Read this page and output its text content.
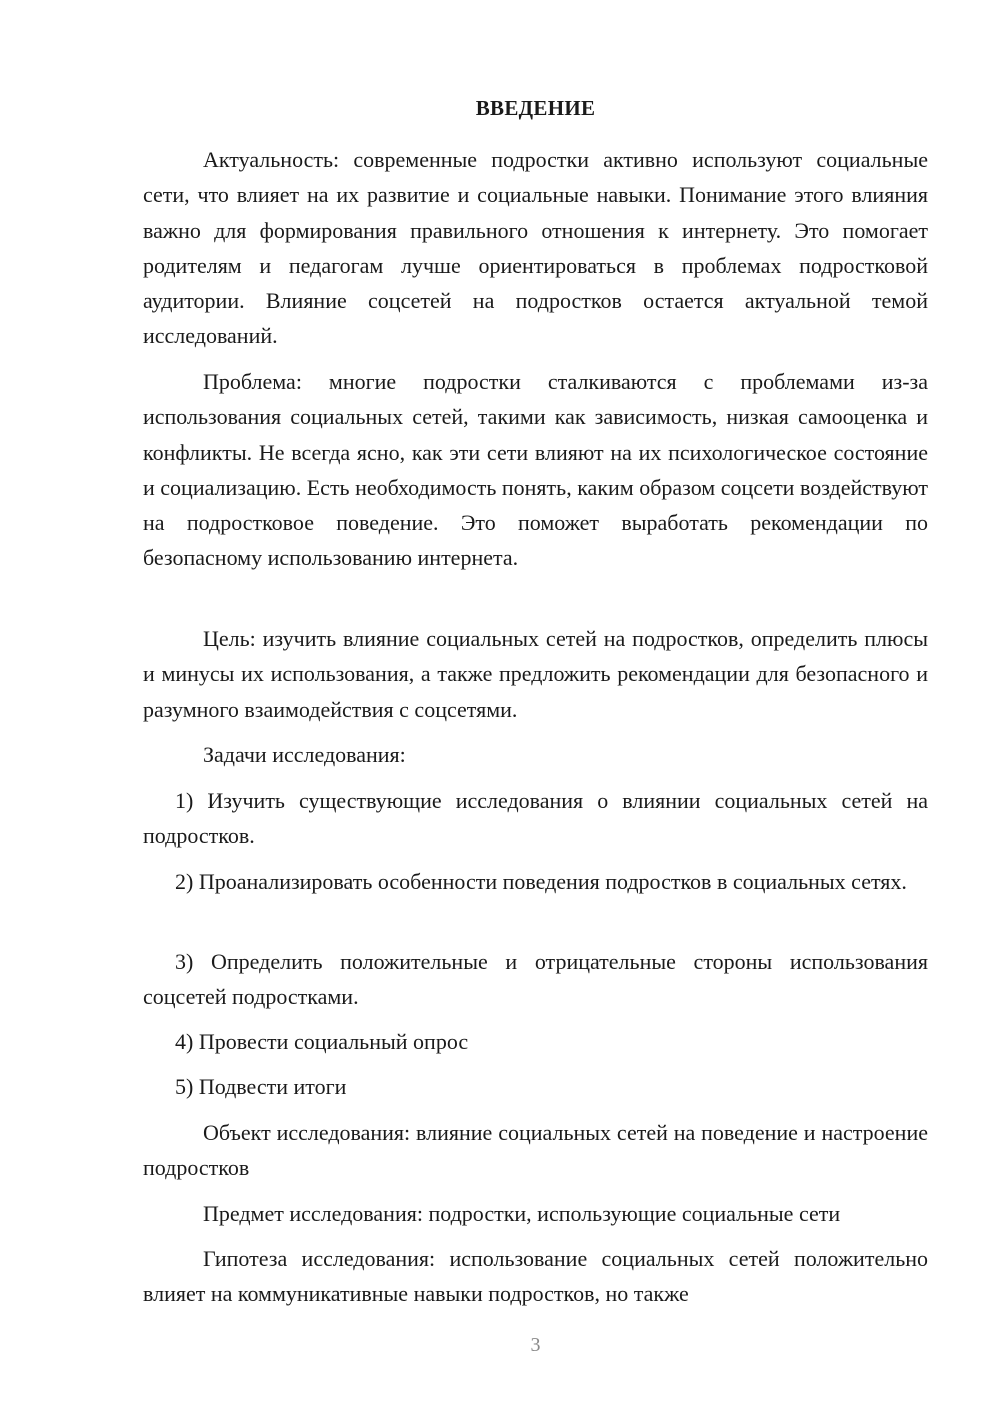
ВВЕДЕНИЕ
Актуальность: современные подростки активно используют социальные сети, что влияет на их развитие и социальные навыки. Понимание этого влияния важно для формирования правильного отношения к интернету. Это помогает родителям и педагогам лучше ориентироваться в проблемах подростковой аудитории. Влияние соцсетей на подростков остается актуальной темой исследований.
Проблема: многие подростки сталкиваются с проблемами из-за использования социальных сетей, такими как зависимость, низкая самооценка и конфликты. Не всегда ясно, как эти сети влияют на их психологическое состояние и социализацию. Есть необходимость понять, каким образом соцсети воздействуют на подростковое поведение. Это поможет выработать рекомендации по безопасному использованию интернета.
Цель: изучить влияние социальных сетей на подростков, определить плюсы и минусы их использования, а также предложить рекомендации для безопасного и разумного взаимодействия с соцсетями.
Задачи исследования:
1) Изучить существующие исследования о влиянии социальных сетей на подростков.
2) Проанализировать особенности поведения подростков в социальных сетях.
3) Определить положительные и отрицательные стороны использования соцсетей подростками.
4) Провести социальный опрос
5) Подвести итоги
Объект исследования: влияние социальных сетей на поведение и настроение подростков
Предмет исследования: подростки, использующие социальные сети
Гипотеза исследования: использование социальных сетей положительно влияет на коммуникативные навыки подростков, но также
3
